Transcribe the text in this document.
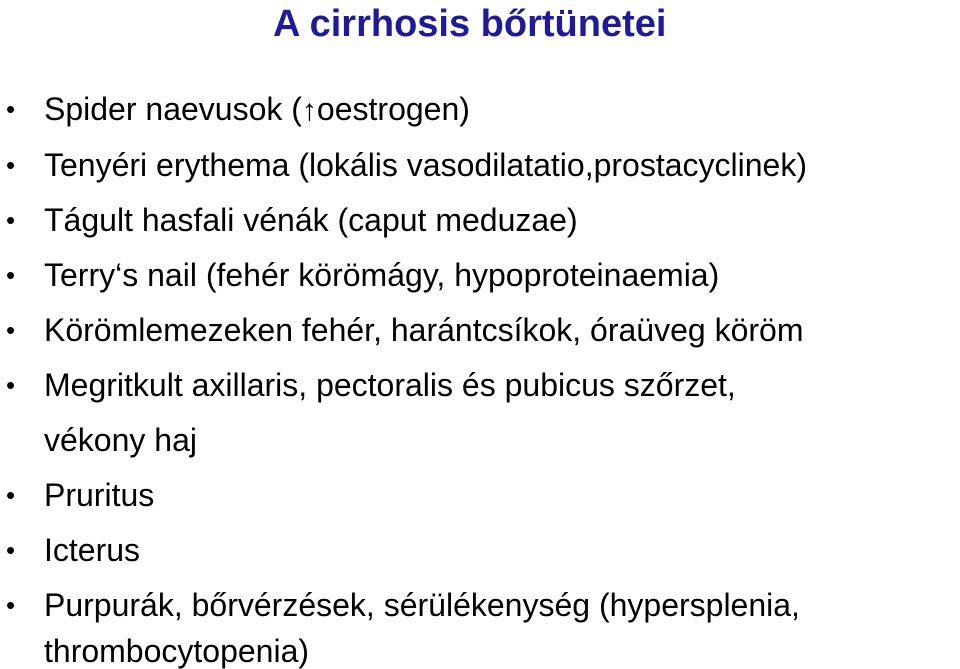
A cirrhosis bőrtünetei
• Spider naevusok (↑oestrogen)
• Tenyéri erythema (lokális vasodilatatio,prostacyclinek)
• Tágult hasfali vénák (caput meduzae)
• Terry‘s nail (fehér körömágy, hypoproteinaemia)
• Körömlemezeken fehér, harántcsíkok, óraüveg köröm
• Megritkult axillaris, pectoralis és pubicus szőrzet,
vékony haj
• Pruritus
• Icterus
• Purpurák, bőrvérzések, sérülékenység (hypersplenia,
thrombocytopenia)
